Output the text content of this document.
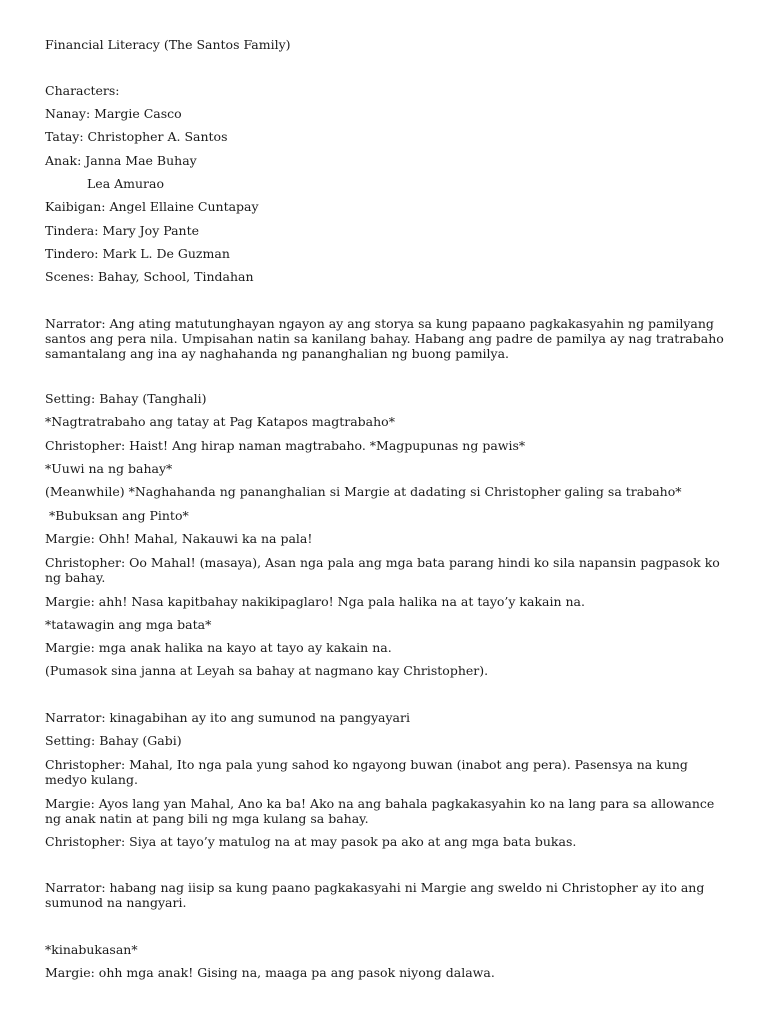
Financial Literacy (The Santos Family)
Characters:
Nanay: Margie Casco
Tatay: Christopher A. Santos
Anak: Janna Mae Buhay
Lea Amurao
Kaibigan: Angel Ellaine Cuntapay
Tindera: Mary Joy Pante
Tindero: Mark L. De Guzman
Scenes: Bahay, School, Tindahan
Narrator: Ang ating matutunghayan ngayon ay ang storya sa kung papaano pagkakasyahin ng pamilyang santos ang pera nila. Umpisahan natin sa kanilang bahay. Habang ang padre de pamilya ay nag tratrabaho samantalang ang ina ay naghahanda ng pananghalian ng buong pamilya.
Setting: Bahay (Tanghali)
*Nagtratrabaho ang tatay at Pag Katapos magtrabaho*
Christopher: Haist! Ang hirap naman magtrabaho. *Magpupunas ng pawis*
*Uuwi na ng bahay*
(Meanwhile) *Naghahanda ng pananghalian si Margie at dadating si Christopher galing sa trabaho*
*Bubuksan ang Pinto*
Margie: Ohh! Mahal, Nakauwi ka na pala!
Christopher: Oo Mahal! (masaya), Asan nga pala ang mga bata parang hindi ko sila napansin pagpasok ko ng bahay.
Margie: ahh! Nasa kapitbahay nakikipaglaro! Nga pala halika na at tayo’y kakain na.
*tatawagin ang mga bata*
Margie: mga anak halika na kayo at tayo ay kakain na.
(Pumasok sina janna at Leyah sa bahay at nagmano kay Christopher).
Narrator: kinagabihan ay ito ang sumunod na pangyayari
Setting: Bahay (Gabi)
Christopher: Mahal, Ito nga pala yung sahod ko ngayong buwan (inabot ang pera). Pasensya na kung medyo kulang.
Margie: Ayos lang yan Mahal, Ano ka ba! Ako na ang bahala pagkakasyahin ko na lang para sa allowance ng anak natin at pang bili ng mga kulang sa bahay.
Christopher: Siya at tayo’y matulog na at may pasok pa ako at ang mga bata bukas.
Narrator: habang nag iisip sa kung paano pagkakasyahi ni Margie ang sweldo ni Christopher ay ito ang sumunod na nangyari.
*kinabukasan*
Margie: ohh mga anak! Gising na, maaga pa ang pasok niyong dalawa.
